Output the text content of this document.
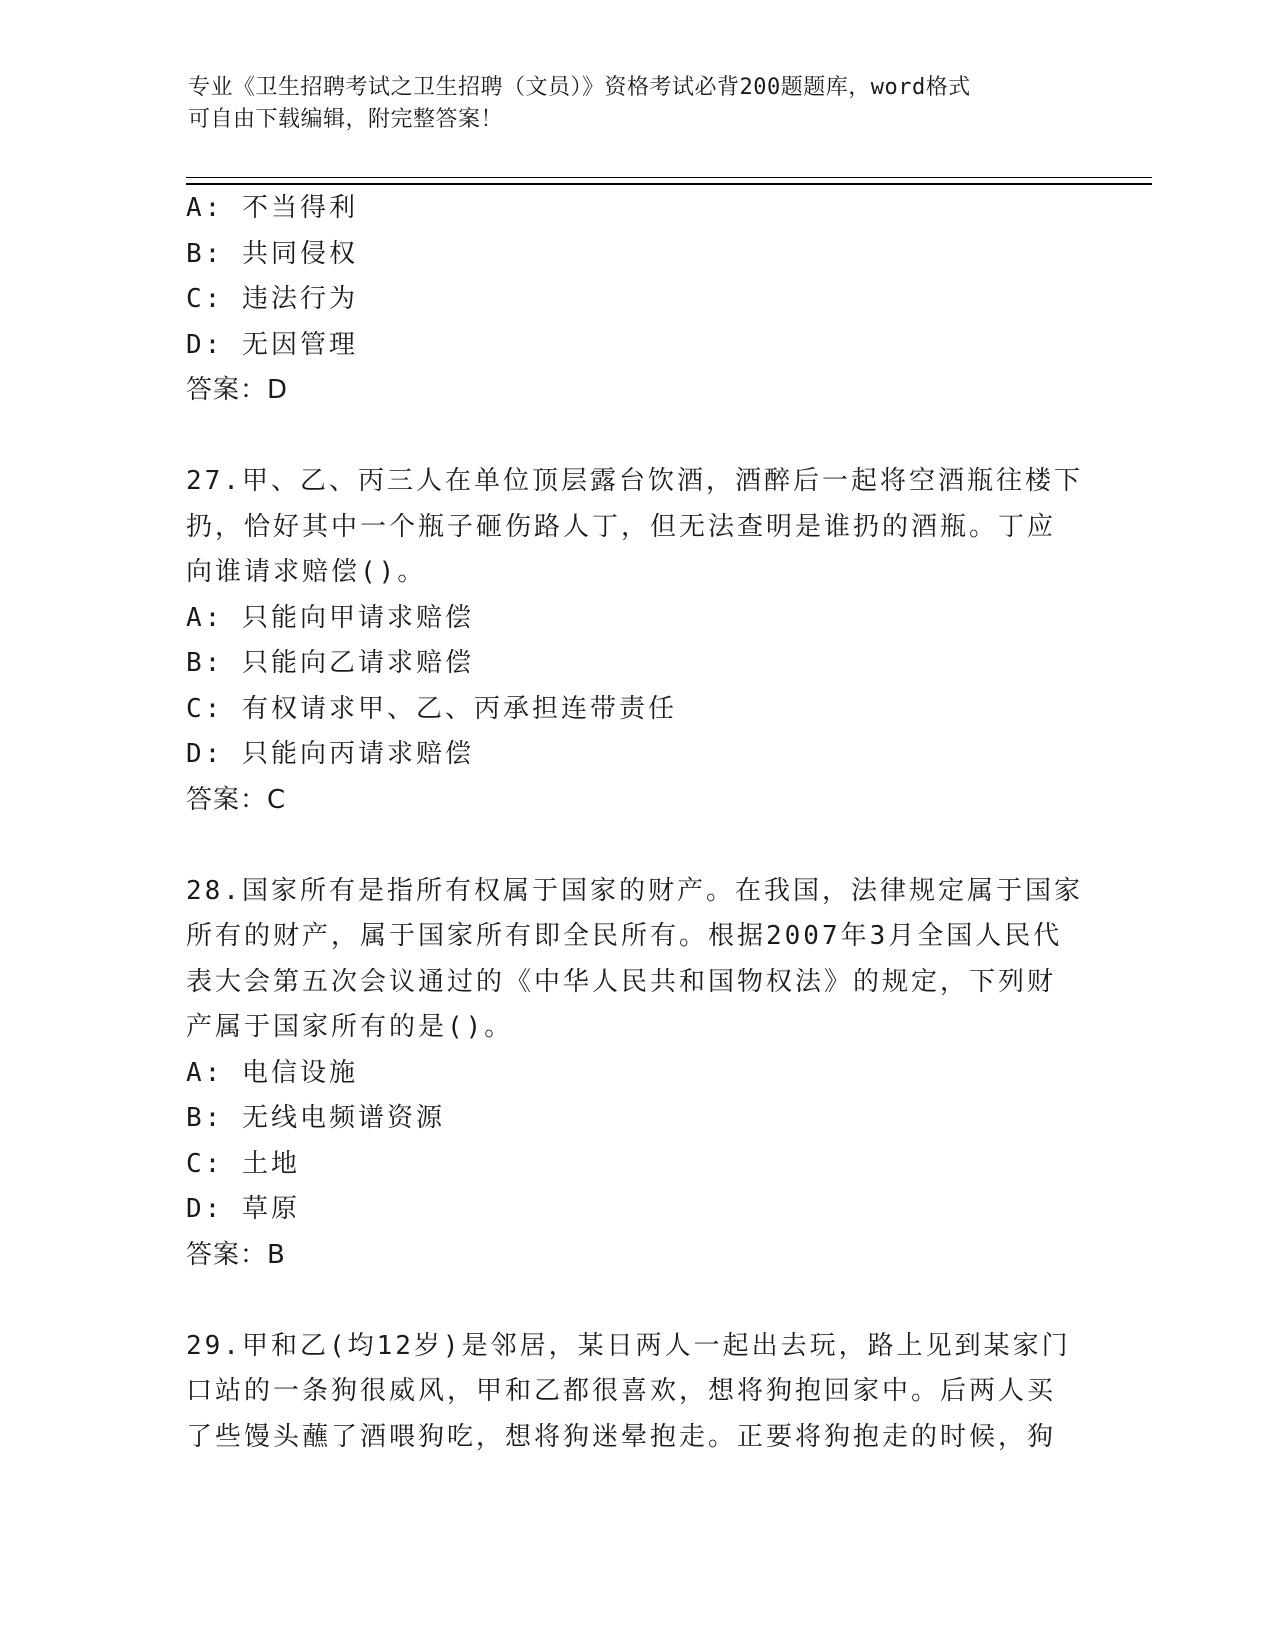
专业《卫生招聘考试之卫生招聘（文员）》资格考试必背200题题库，word格式
可自由下载编辑，附完整答案！
A: 不当得利
B: 共同侵权
C: 违法行为
D: 无因管理
答案：D
27.甲、乙、丙三人在单位顶层露台饮酒，酒醉后一起将空酒瓶往楼下
扔，恰好其中一个瓶子砸伤路人丁，但无法查明是谁扔的酒瓶。丁应
向谁请求赔偿()。
A: 只能向甲请求赔偿
B: 只能向乙请求赔偿
C: 有权请求甲、乙、丙承担连带责任
D: 只能向丙请求赔偿
答案：C
28.国家所有是指所有权属于国家的财产。在我国，法律规定属于国家
所有的财产，属于国家所有即全民所有。根据2007年3月全国人民代
表大会第五次会议通过的《中华人民共和国物权法》的规定，下列财
产属于国家所有的是()。
A: 电信设施
B: 无线电频谱资源
C: 土地
D: 草原
答案：B
29.甲和乙(均12岁)是邻居，某日两人一起出去玩，路上见到某家门
口站的一条狗很威风，甲和乙都很喜欢，想将狗抱回家中。后两人买
了些馒头蘸了酒喂狗吃，想将狗迷晕抱走。正要将狗抱走的时候，狗
